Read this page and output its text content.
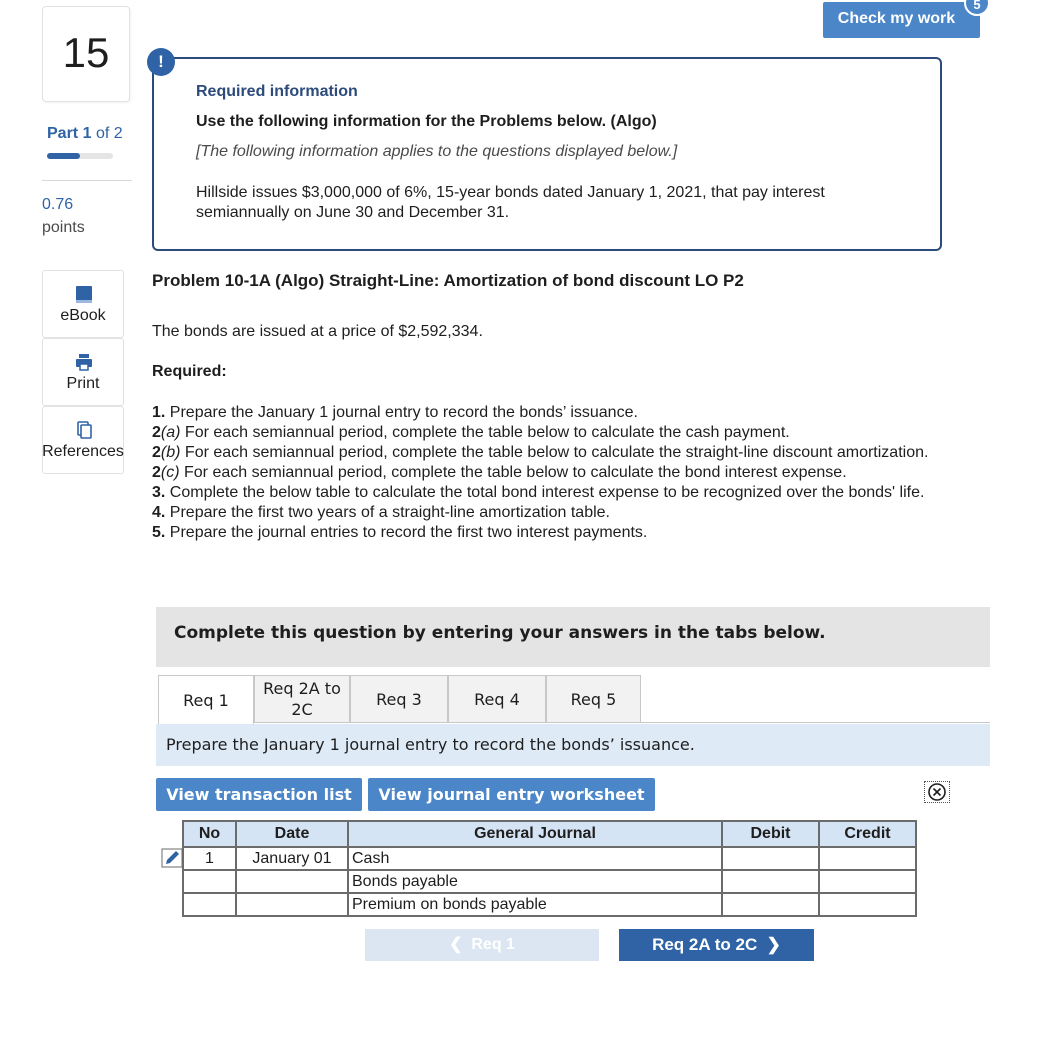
Check my work
5
15
Part 1 of 2
0.76
points
eBook
Print
References
!
Required information
Use the following information for the Problems below. (Algo)
[The following information applies to the questions displayed below.]
Hillside issues $3,000,000 of 6%, 15-year bonds dated January 1, 2021, that pay interest semiannually on June 30 and December 31.
Problem 10-1A (Algo) Straight-Line: Amortization of bond discount LO P2
The bonds are issued at a price of $2,592,334.
Required:
1. Prepare the January 1 journal entry to record the bonds’ issuance.
2(a) For each semiannual period, complete the table below to calculate the cash payment.
2(b) For each semiannual period, complete the table below to calculate the straight-line discount amortization.
2(c) For each semiannual period, complete the table below to calculate the bond interest expense.
3. Complete the below table to calculate the total bond interest expense to be recognized over the bonds' life.
4. Prepare the first two years of a straight-line amortization table.
5. Prepare the journal entries to record the first two interest payments.
Complete this question by entering your answers in the tabs below.
Req 1
Req 2A to 2C
Req 3	Req 4	Req 5
Prepare the January 1 journal entry to record the bonds’ issuance.
View transaction list	View journal entry worksheet
No	Date	General Journal	Debit	Credit
1	January 01	Cash		
		Bonds payable		
		Premium on bonds payable		
❮  Req 1	Req 2A to 2C  ❯
